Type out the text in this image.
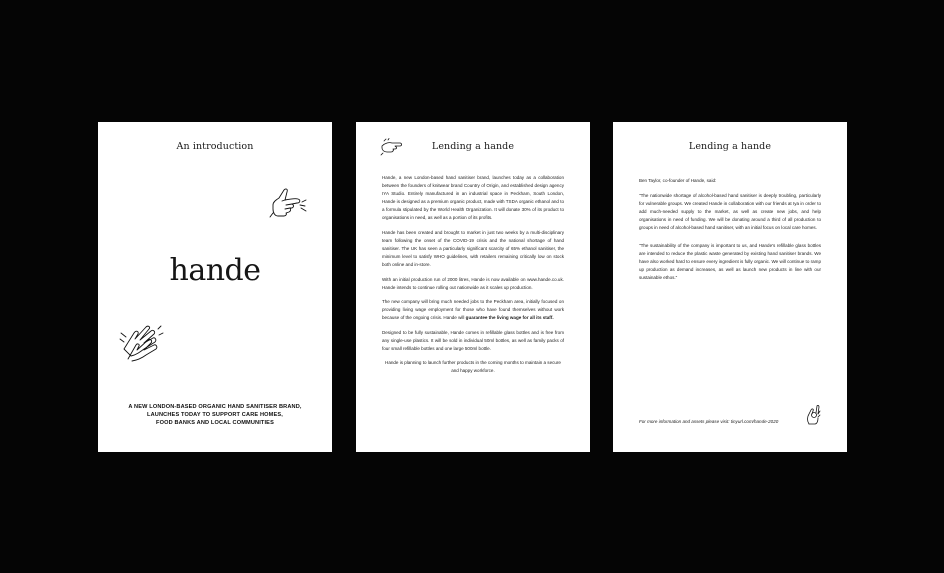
An introduction
hande
A NEW LONDON-BASED ORGANIC HAND SANITISER BRAND,
LAUNCHES TODAY TO SUPPORT CARE HOMES,
FOOD BANKS AND LOCAL COMMUNITIES
Lending a hande

Hande, a new London-based hand sanitiser brand, launches today as a collaboration between the founders of knitwear brand Country of Origin, and established design agency IYA Studio. Entirely manufactured in an industrial space in Peckham, South London, Hande is designed as a premium organic product, made with TSDA organic ethanol and to a formula stipulated by the World Health Organization. It will donate 30% of its product to organisations in need, as well as a portion of its profits.

Hande has been created and brought to market in just two weeks by a multi-disciplinary team following the onset of the COVID-19 crisis and the national shortage of hand sanitiser. The UK has seen a particularly significant scarcity of 65% ethanol sanitiser, the minimum level to satisfy WHO guidelines, with retailers remaining critically low on stock both online and in-store.

With an initial production run of 2000 litres, Hande is now available on www.hande.co.uk. Hande intends to continue rolling out nationwide as it scales up production.

The new company will bring much needed jobs to the Peckham area, initially focused on providing living wage employment for those who have found themselves without work because of the ongoing crisis. Hande will guarantee the living wage for all its staff.

Designed to be fully sustainable, Hande comes in refillable glass bottles and is free from any single-use plastics. It will be sold in individual 50ml bottles, as well as family packs of four small refillable bottles and one large 500ml bottle.

Hande is planning to launch further products in the coming months to maintain a secure and happy workforce.

Lending a hande

Ben Taylor, co-founder of Hande, said:

"The nationwide shortage of alcohol-based hand sanitiser is deeply troubling, particularly for vulnerable groups. We created Hande in collaboration with our friends at Iya in order to add much-needed supply to the market, as well as create new jobs, and help organisations in need of funding. We will be donating around a third of all production to groups in need of alcohol-based hand sanitiser, with an initial focus on local care homes.

"The sustainability of the company is important to us, and Hande's refillable glass bottles are intended to reduce the plastic waste generated by existing hand sanitiser brands. We have also worked hard to ensure every ingredient is fully organic. We will continue to ramp up production as demand increases, as well as launch new products in line with our sustainable ethos."

For more information and assets please visit: tinyurl.com/hande-2020
